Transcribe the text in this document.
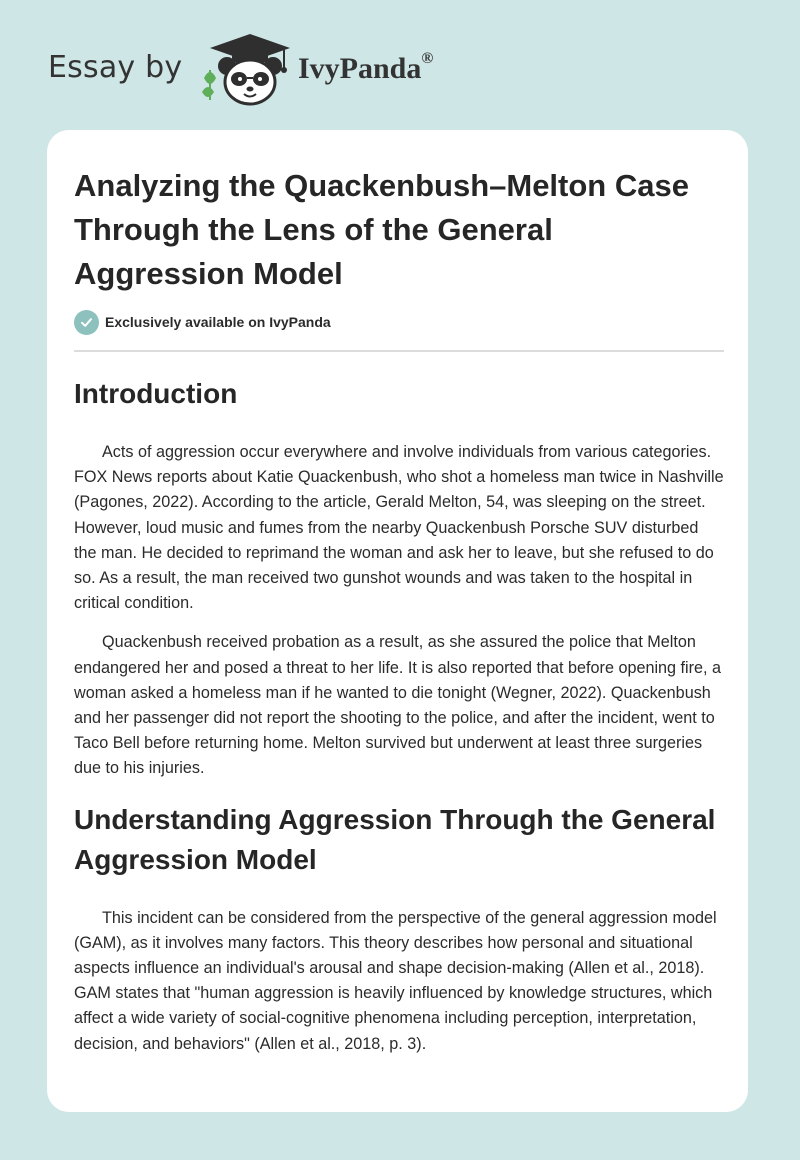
Essay by	IvyPanda®
Analyzing the Quackenbush–Melton Case Through the Lens of the General Aggression Model
Exclusively available on IvyPanda
Introduction

Acts of aggression occur everywhere and involve individuals from various categories. FOX News reports about Katie Quackenbush, who shot a homeless man twice in Nashville (Pagones, 2022). According to the article, Gerald Melton, 54, was sleeping on the street. However, loud music and fumes from the nearby Quackenbush Porsche SUV disturbed the man. He decided to reprimand the woman and ask her to leave, but she refused to do so. As a result, the man received two gunshot wounds and was taken to the hospital in critical condition.

Quackenbush received probation as a result, as she assured the police that Melton endangered her and posed a threat to her life. It is also reported that before opening fire, a woman asked a homeless man if he wanted to die tonight (Wegner, 2022). Quackenbush and her passenger did not report the shooting to the police, and after the incident, went to Taco Bell before returning home. Melton survived but underwent at least three surgeries due to his injuries.

Understanding Aggression Through the General Aggression Model

This incident can be considered from the perspective of the general aggression model (GAM), as it involves many factors. This theory describes how personal and situational aspects influence an individual's arousal and shape decision-making (Allen et al., 2018). GAM states that "human aggression is heavily influenced by knowledge structures, which affect a wide variety of social-cognitive phenomena including perception, interpretation, decision, and behaviors" (Allen et al., 2018, p. 3).
